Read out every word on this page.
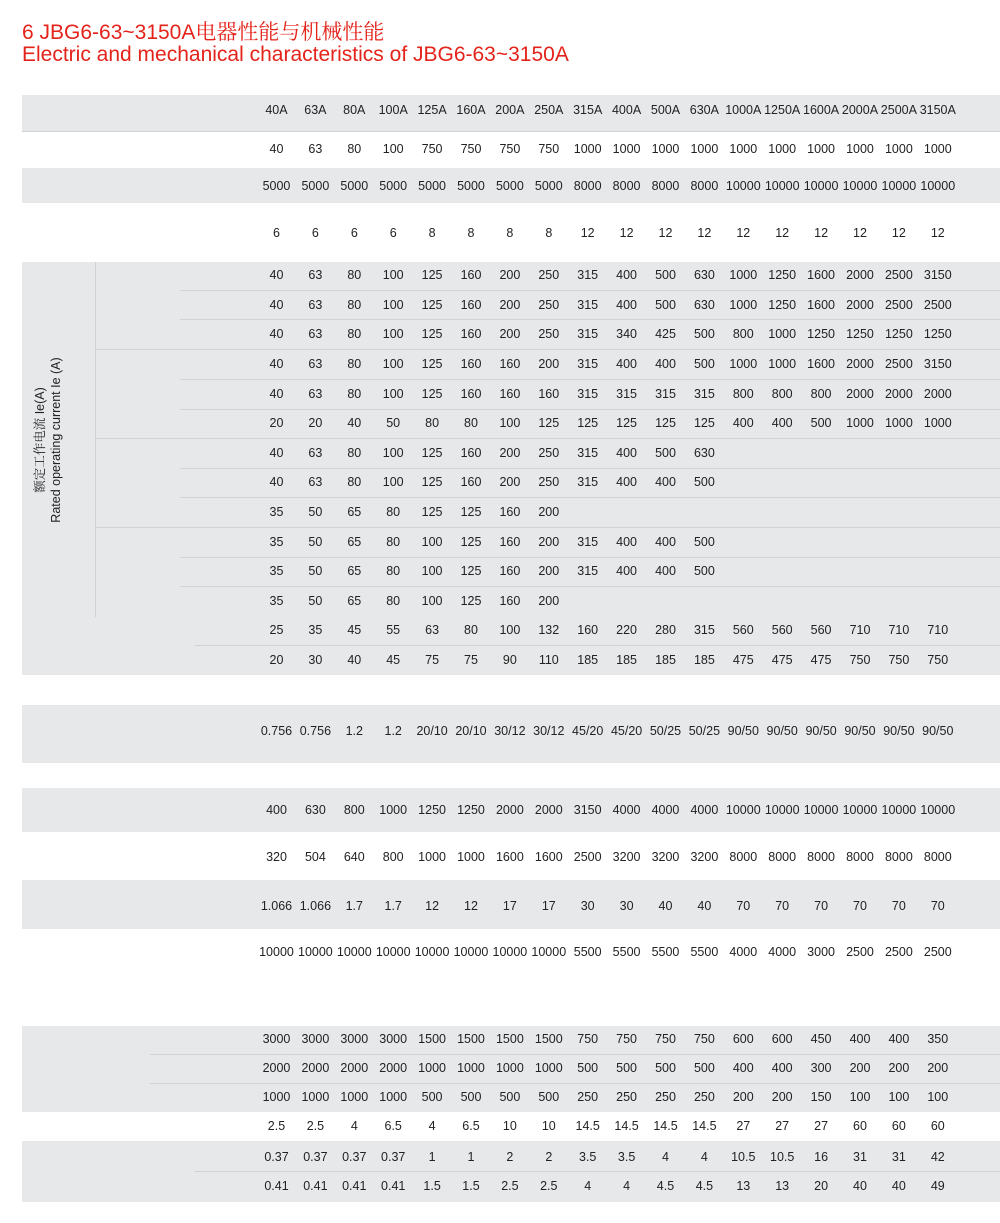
6 JBG6-63~3150A电器性能与机械性能
Electric and mechanical characteristics of JBG6-63~3150A
额定工作电流 Ie(A) Rated operating current Ie (A)
40A	63A	80A	100A 125A 160A 200A 250A 315A 400A 500A 630A 1000A 1250A 1600A 2000A 2500A 3150A
40	63	80	100	750	750	750	750	1000 1000 1000 1000 1000 1000 1000 1000 1000 1000
5000 5000 5000 5000 5000 5000 5000 5000 8000 8000 8000 8000 10000 10000 10000 10000 10000 10000
6	6	6	6	8	8	8	8	12	12	12	12	12	12	12	12	12	12
40	63	80	100	125	160	200	250	315	400	500	630	1000 1250 1600 2000 2500 3150
40	63	80	100	125	160	200	250	315	400	500	630	1000 1250 1600 2000 2500 2500
40	63	80	100	125	160	200	250	315	340	425	500	800	1000 1250 1250 1250 1250
40	63	80	100	125	160	160	200	315	400	400	500	1000 1000 1600 2000 2500 3150
40	63	80	100	125	160	160	160	315	315	315	315	800	800	800	2000 2000 2000
20	20	40	50	80	80	100	125	125	125	125	125	400	400	500	1000 1000 1000
40	63	80	100	125	160	200	250	315	400	500	630
40	63	80	100	125	160	200	250	315	400	400	500
35	50	65	80	125	125	160	200
35	50	65	80	100	125	160	200	315	400	400	500
35	50	65	80	100	125	160	200	315	400	400	500
35	50	65	80	100	125	160	200
25	35	45	55	63	80	100	132	160	220	280	315	560	560	560	710	710	710
20	30	40	45	75	75	90	110	185	185	185	185	475	475	475	750	750	750
0.756 0.756	1.2	1.2	20/10 20/10 30/12 30/12 45/20 45/20 50/25 50/25 90/50 90/50 90/50 90/50 90/50 90/50
400	630	800	1000 1250 1250 2000 2000 3150 4000 4000 4000 10000 10000 10000 10000 10000 10000
320	504	640	800	1000 1000 1600 1600 2500 3200 3200 3200 8000 8000 8000 8000 8000 8000
1.066 1.066	1.7	1.7	12	12	17	17	30	30	40	40	70	70	70	70	70	70
10000 10000 10000 10000 10000 10000 10000 10000 5500 5500 5500 5500 4000 4000 3000 2500 2500 2500
3000 3000 3000 3000 1500 1500 1500 1500	750	750	750	750	600	600	450	400	400	350
2000 2000 2000 2000 1000 1000 1000 1000	500	500	500	500	400	400	300	200	200	200
1000 1000 1000 1000	500	500	500	500	250	250	250	250	200	200	150	100	100	100
2.5	2.5	4	6.5	4	6.5	10	10	14.5	14.5	14.5	14.5	27	27	27	60	60	60
0.37	0.37	0.37	0.37	1	1	2	2	3.5	3.5	4	4	10.5	10.5	16	31	31	42
0.41	0.41	0.41	0.41	1.5	1.5	2.5	2.5	4	4	4.5	4.5	13	13	20	40	40	49
